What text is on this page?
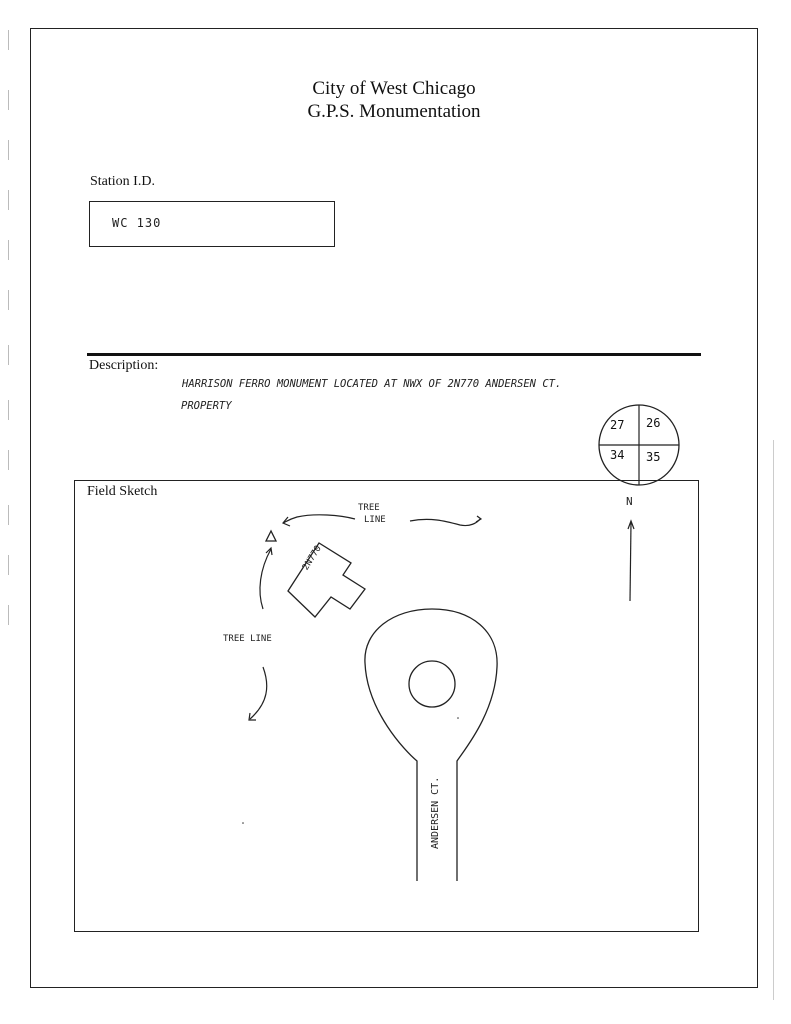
City of West Chicago
G.P.S. Monumentation
Station I.D.
WC 130
Description:
HARRISON FERRO MONUMENT LOCATED AT NWX OF 2N770 ANDERSEN CT.
PROPERTY
27 26
34 35
Field Sketch
N
TREE
LINE
TREE LINE
2N770
ANDERSEN CT.
